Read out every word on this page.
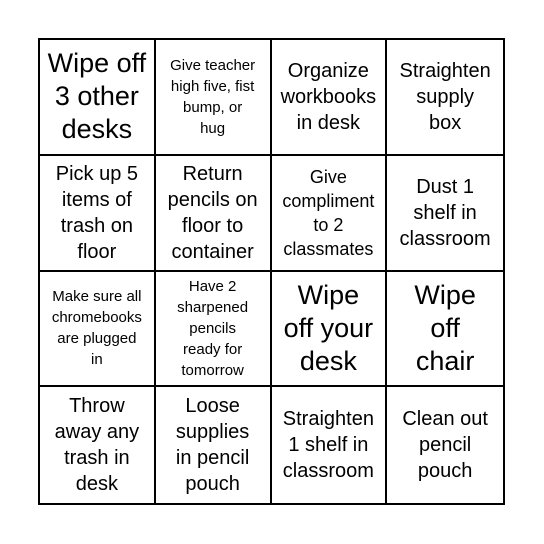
Wipe off
3 other
desks
Give teacher
high five, fist
bump, or
hug
Organize
workbooks
in desk
Straighten
supply
box
Pick up 5
items of
trash on
floor
Return
pencils on
floor to
container
Give
compliment
to 2
classmates
Dust 1
shelf in
classroom
Make sure all
chromebooks
are plugged
in
Have 2
sharpened
pencils
ready for
tomorrow
Wipe
off your
desk
Wipe
off
chair
Throw
away any
trash in
desk
Loose
supplies
in pencil
pouch
Straighten
1 shelf in
classroom
Clean out
pencil
pouch
